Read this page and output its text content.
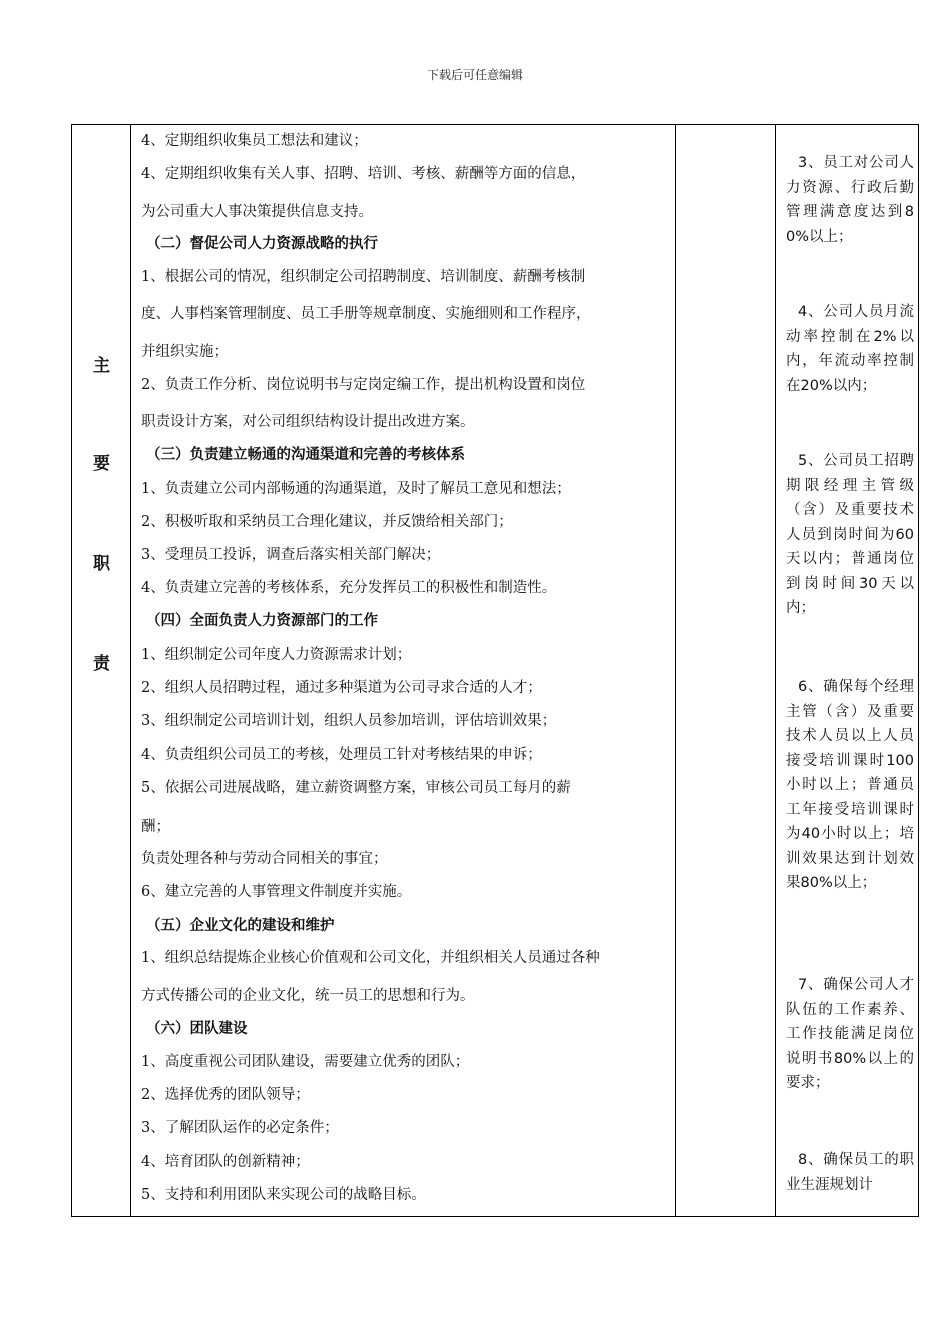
下载后可任意编辑
主
要
职
责
4、定期组织收集员工想法和建议；
4、定期组织收集有关人事、招聘、培训、考核、薪酬等方面的信息，
为公司重大人事决策提供信息支持。
（二）督促公司人力资源战略的执行
1、根据公司的情况，组织制定公司招聘制度、培训制度、薪酬考核制
度、人事档案管理制度、员工手册等规章制度、实施细则和工作程序，
并组织实施；
2、负责工作分析、岗位说明书与定岗定编工作，提出机构设置和岗位
职责设计方案，对公司组织结构设计提出改进方案。
（三）负责建立畅通的沟通渠道和完善的考核体系
1、负责建立公司内部畅通的沟通渠道，及时了解员工意见和想法；
2、积极听取和采纳员工合理化建议，并反馈给相关部门；
3、受理员工投诉，调查后落实相关部门解决；
4、负责建立完善的考核体系，充分发挥员工的积极性和制造性。
（四）全面负责人力资源部门的工作
1、组织制定公司年度人力资源需求计划；
2、组织人员招聘过程，通过多种渠道为公司寻求合适的人才；
3、组织制定公司培训计划，组织人员参加培训，评估培训效果；
4、负责组织公司员工的考核，处理员工针对考核结果的申诉；
5、依据公司进展战略，建立薪资调整方案，审核公司员工每月的薪
酬；
负责处理各种与劳动合同相关的事宜；
6、建立完善的人事管理文件制度并实施。
（五）企业文化的建设和维护
1、组织总结提炼企业核心价值观和公司文化，并组织相关人员通过各种
方式传播公司的企业文化，统一员工的思想和行为。
（六）团队建设
1、高度重视公司团队建设，需要建立优秀的团队；
2、选择优秀的团队领导；
3、了解团队运作的必定条件；
4、培育团队的创新精神；
5、支持和利用团队来实现公司的战略目标。
3、员工对公司人力资源、行政后勤管理满意度达到80%以上；
4、公司人员月流动率控制在2%以内，年流动率控制在20%以内；
5、公司员工招聘期限经理主管级（含）及重要技术人员到岗时间为60天以内；普通岗位到岗时间30天以内；
6、确保每个经理主管（含）及重要技术人员以上人员接受培训课时100小时以上；普通员工年接受培训课时为40小时以上；培训效果达到计划效果80%以上；
7、确保公司人才队伍的工作素养、工作技能满足岗位说明书80%以上的要求；
8、确保员工的职业生涯规划计
